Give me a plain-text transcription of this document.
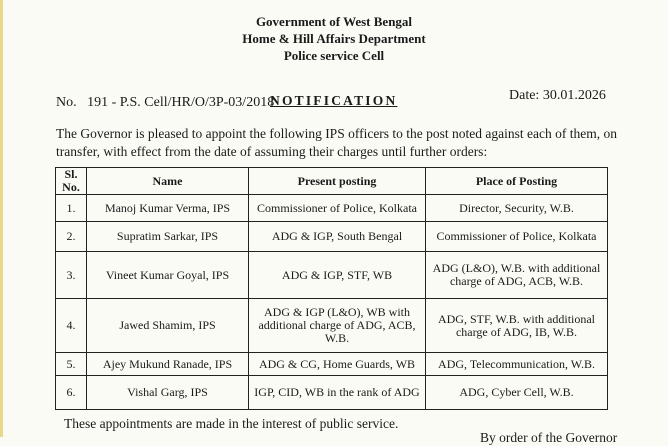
Government of West Bengal
Home & Hill Affairs Department
Police service Cell
No.   191 - P.S. Cell/HR/O/3P-03/2018	Date: 30.01.2026
NOTIFICATION
The Governor is pleased to appoint the following IPS officers to the post noted against each of them, on transfer, with effect from the date of assuming their charges until further orders:
Sl. No.	Name	Present posting	Place of Posting
1.	Manoj Kumar Verma, IPS	Commissioner of Police, Kolkata	Director, Security, W.B.
2.	Supratim Sarkar, IPS	ADG & IGP, South Bengal	Commissioner of Police, Kolkata
3.	Vineet Kumar Goyal, IPS	ADG & IGP, STF, WB	ADG (L&O), W.B. with additional charge of ADG, ACB, W.B.
4.	Jawed Shamim, IPS	ADG & IGP (L&O), WB with additional charge of ADG, ACB, W.B.	ADG, STF, W.B. with additional charge of ADG, IB, W.B.
5.	Ajey Mukund Ranade, IPS	ADG & CG, Home Guards, WB	ADG, Telecommunication, W.B.
6.	Vishal Garg, IPS	IGP, CID, WB in the rank of ADG	ADG, Cyber Cell, W.B.
These appointments are made in the interest of public service.
By order of the Governor
